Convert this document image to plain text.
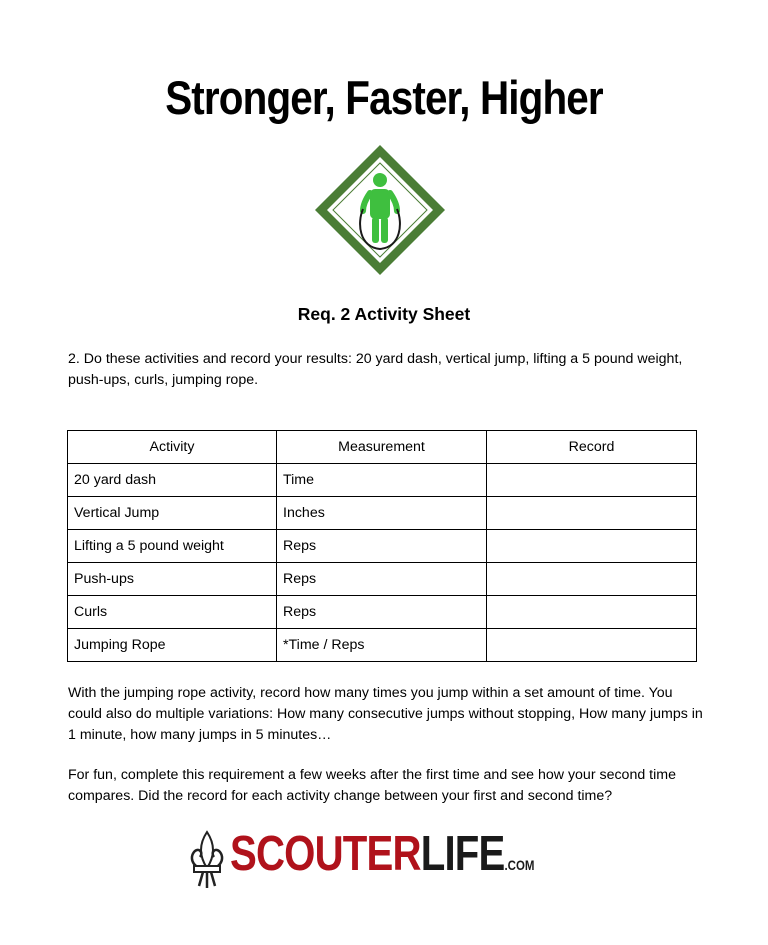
Stronger, Faster, Higher
Req. 2 Activity Sheet

2. Do these activities and record your results: 20 yard dash, vertical jump, lifting a 5 pound weight, push-ups, curls, jumping rope.

Activity	Measurement	Record
20 yard dash	Time	
Vertical Jump	Inches	
Lifting a 5 pound weight	Reps	
Push-ups	Reps	
Curls	Reps	
Jumping Rope	*Time / Reps	

With the jumping rope activity, record how many times you jump within a set amount of time. You could also do multiple variations: How many consecutive jumps without stopping, How many jumps in 1 minute, how many jumps in 5 minutes…

For fun, complete this requirement a few weeks after the first time and see how your second time compares. Did the record for each activity change between your first and second time?

SCOUTERLIFE.COM
